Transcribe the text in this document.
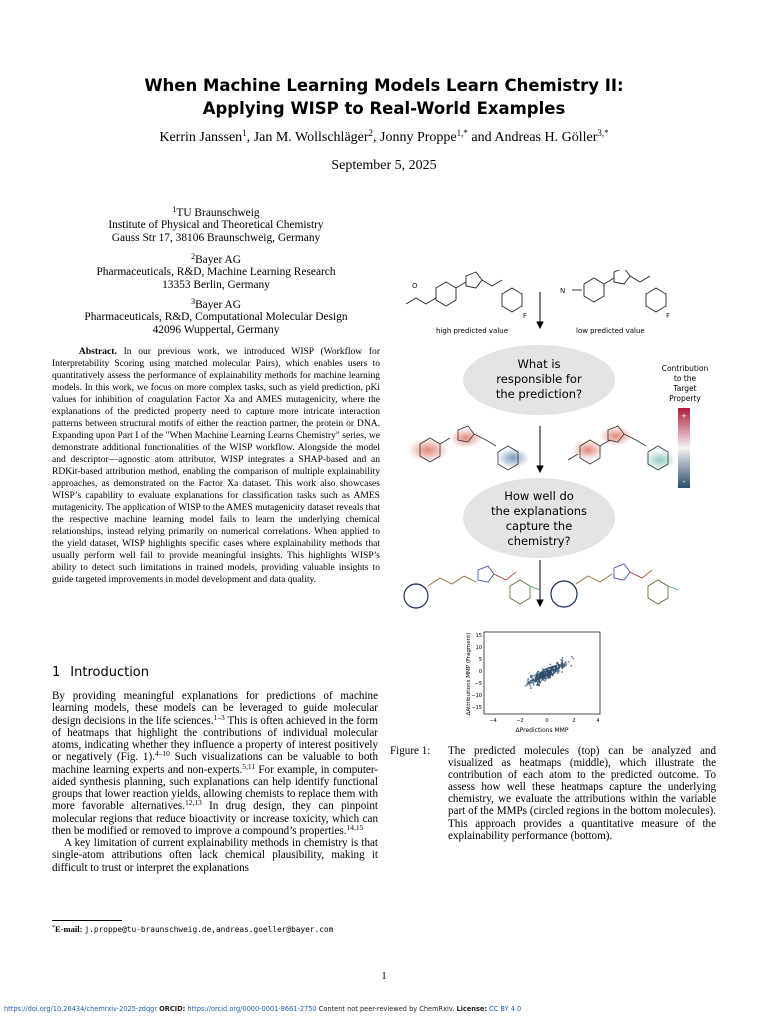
When Machine Learning Models Learn Chemistry II:
Applying WISP to Real-World Examples
Kerrin Janssen$^1$, Jan M. Wollschläger$^2$, Jonny Proppe$^{1,*}$ and Andreas H. Göller$^{3,*}$
September 5, 2025
$^1$TU Braunschweig
Institute of Physical and Theoretical Chemistry
Gauss Str 17, 38106 Braunschweig, Germany
$^2$Bayer AG
Pharmaceuticals, R&D, Machine Learning Research
13353 Berlin, Germany
$^3$Bayer AG
Pharmaceuticals, R&D, Computational Molecular Design
42096 Wuppertal, Germany
Abstract. In our previous work, we introduced WISP (Workflow for Interpretability Scoring using matched molecular Pairs), which enables users to quantitatively assess the performance of explainability methods for machine learning models. In this work, we focus on more complex tasks, such as yield prediction, pKi values for inhibition of coagulation Factor Xa and AMES mutagenicity, where the explanations of the predicted property need to capture more intricate interaction patterns between structural motifs of either the reaction partner, the protein or DNA. Expanding upon Part I of the "When Machine Learning Learns Chemistry" series, we demonstrate additional functionalities of the WISP workflow. Alongside the model and descriptor—agnostic atom attributor, WISP integrates a SHAP-based and an RDKit-based attribution method, enabling the comparison of multiple explainability approaches, as demonstrated on the Factor Xa dataset. This work also showcases WISP’s capability to evaluate explanations for classification tasks such as AMES mutagenicity. The application of WISP to the AMES mutagenicity dataset reveals that the respective machine learning model fails to learn the underlying chemical relationships, instead relying primarily on numerical correlations. When applied to the yield dataset, WISP highlights specific cases where explainability methods that usually perform well fail to provide meaningful insights. This highlights WISP’s ability to detect such limitations in trained models, providing valuable insights to guide targeted improvements in model development and data quality.
1 Introduction

By providing meaningful explanations for predictions of machine learning models, these models can be leveraged to guide molecular design decisions in the life sciences.$^{1-3}$ This is often achieved in the form of heatmaps that highlight the contributions of individual molecular atoms, indicating whether they influence a property of interest positively or negatively (Fig. 1).$^{4-10}$ Such visualizations can be valuable to both machine learning experts and non-experts.$^{5,11}$ For example, in computer-aided synthesis planning, such explanations can help identify functional groups that lower reaction yields, allowing chemists to replace them with more favorable alternatives.$^{12,13}$ In drug design, they can pinpoint molecular regions that reduce bioactivity or increase toxicity, which can then be modified or removed to improve a compound’s properties.$^{14,15}$

A key limitation of current explainability methods in chemistry is that single-atom attributions often lack chemical plausibility, making it difficult to trust or interpret the explanations

*E-mail: j.proppe@tu-braunschweig.de,andreas.goeller@bayer.com
1
https://doi.org/10.26434/chemrxiv-2025-zdqgr ORCID: https://orcid.org/0000-0001-8661-2750 Content not peer-reviewed by ChemRxiv. License: CC BY 4.0
O
F
high predicted value
N
F
low predicted value
What is
responsible for
the prediction?
Contribution
to the
Target
Property
+
-
How well do
the explanations
capture the
chemistry?
−4	−2	0	2	4
15
10
5
0
−5
−10
−15
ΔPredictions MMP
ΔAttributions MMP (Fragment)
Figure 1:	The predicted molecules (top) can be analyzed and visualized as heatmaps (middle), which illustrate the contribution of each atom to the predicted outcome. To assess how well these heatmaps capture the underlying chemistry, we evaluate the attributions within the variable part of the MMPs (circled regions in the bottom molecules). This approach provides a quantitative measure of the explainability performance (bottom).
